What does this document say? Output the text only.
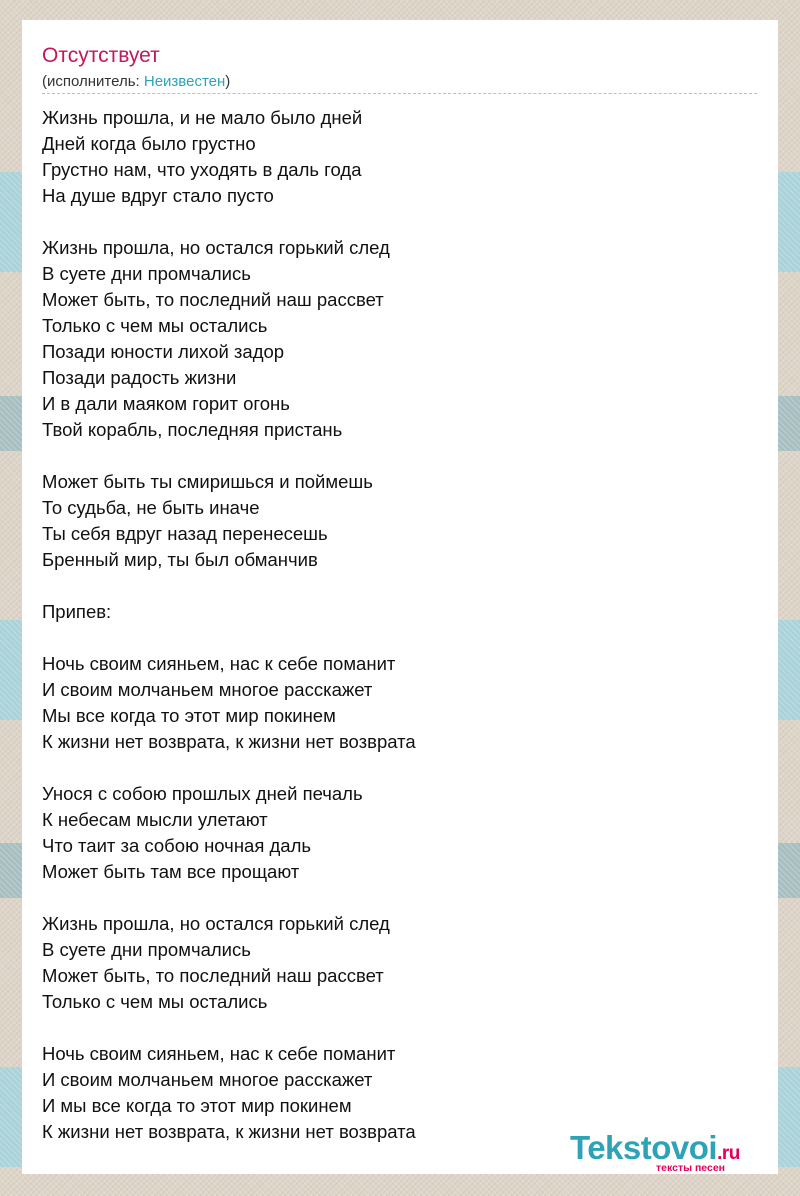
Отсутствует
(исполнитель: Неизвестен)
Жизнь прошла, и не мало было дней
Дней когда было грустно
Грустно нам, что уходять в даль года
На душе вдруг стало пусто
Жизнь прошла, но остался горький след
В суете дни промчались
Может быть, то последний наш рассвет
Только с чем мы остались
Позади юности лихой задор
Позади радость жизни
И в дали маяком горит огонь
Твой корабль, последняя пристань
Может быть ты смиришься и поймешь
То судьба, не быть иначе
Ты себя вдруг назад перенесешь
Бренный мир, ты был обманчив
Припев:
Ночь своим сияньем, нас к себе поманит
И своим молчаньем многое расскажет
Мы все когда то этот мир покинем
К жизни нет возврата, к жизни нет возврата
Унося с собою прошлых дней печаль
К небесам мысли улетают
Что таит за собою ночная даль
Может быть там все прощают
Жизнь прошла, но остался горький след
В суете дни промчались
Может быть, то последний наш рассвет
Только с чем мы остались
Ночь своим сияньем, нас к себе поманит
И своим молчаньем многое расскажет
И мы все когда то этот мир покинем
К жизни нет возврата, к жизни нет возврата	Tekstovoi.ru
тексты песен
